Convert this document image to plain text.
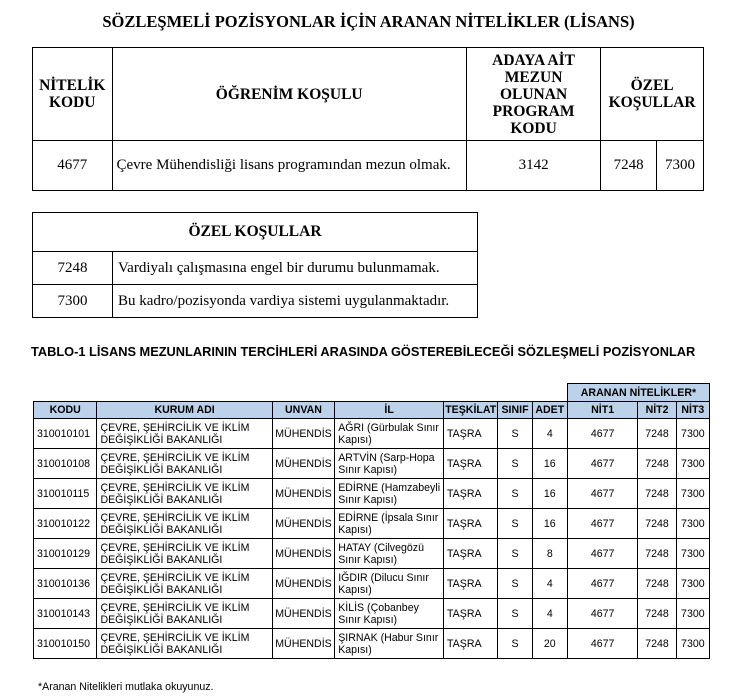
SÖZLEŞMELİ POZİSYONLAR İÇİN ARANAN NİTELİKLER (LİSANS)
NİTELİK KODU	ÖĞRENİM KOŞULU	ADAYA AİT MEZUN OLUNAN PROGRAM KODU	ÖZEL KOŞULLAR	
4677	Çevre Mühendisliği lisans programından mezun olmak.	3142	7248	7300
ÖZEL KOŞULLAR	
7248	Vardiyalı çalışmasına engel bir durumu bulunmamak.
7300	Bu kadro/pozisyonda vardiya sistemi uygulanmaktadır.
TABLO-1 LİSANS MEZUNLARININ TERCİHLERİ ARASINDA GÖSTEREBİLECEĞİ SÖZLEŞMELİ POZİSYONLAR
							ARANAN NİTELİKLER*		
KODU	KURUM ADI	UNVAN	İL	TEŞKİLAT	SINIF	ADET	NİT1	NİT2	NİT3
310010101	ÇEVRE, ŞEHİRCİLİK VE İKLİM DEĞİŞİKLİĞİ BAKANLIĞI	MÜHENDİS	AĞRI (Gürbulak Sınır Kapısı)	TAŞRA	S	4	4677	7248	7300
310010108	ÇEVRE, ŞEHİRCİLİK VE İKLİM DEĞİŞİKLİĞİ BAKANLIĞI	MÜHENDİS	ARTVİN (Sarp-Hopa Sınır Kapısı)	TAŞRA	S	16	4677	7248	7300
310010115	ÇEVRE, ŞEHİRCİLİK VE İKLİM DEĞİŞİKLİĞİ BAKANLIĞI	MÜHENDİS	EDİRNE (Hamzabeyli Sınır Kapısı)	TAŞRA	S	16	4677	7248	7300
310010122	ÇEVRE, ŞEHİRCİLİK VE İKLİM DEĞİŞİKLİĞİ BAKANLIĞI	MÜHENDİS	EDİRNE (İpsala Sınır Kapısı)	TAŞRA	S	16	4677	7248	7300
310010129	ÇEVRE, ŞEHİRCİLİK VE İKLİM DEĞİŞİKLİĞİ BAKANLIĞI	MÜHENDİS	HATAY (Cilvegözü Sınır Kapısı)	TAŞRA	S	8	4677	7248	7300
310010136	ÇEVRE, ŞEHİRCİLİK VE İKLİM DEĞİŞİKLİĞİ BAKANLIĞI	MÜHENDİS	IĞDIR (Dilucu Sınır Kapısı)	TAŞRA	S	4	4677	7248	7300
310010143	ÇEVRE, ŞEHİRCİLİK VE İKLİM DEĞİŞİKLİĞİ BAKANLIĞI	MÜHENDİS	KİLİS (Çobanbey Sınır Kapısı)	TAŞRA	S	4	4677	7248	7300
310010150	ÇEVRE, ŞEHİRCİLİK VE İKLİM DEĞİŞİKLİĞİ BAKANLIĞI	MÜHENDİS	ŞIRNAK (Habur Sınır Kapısı)	TAŞRA	S	20	4677	7248	7300
*Aranan Nitelikleri mutlaka okuyunuz.
